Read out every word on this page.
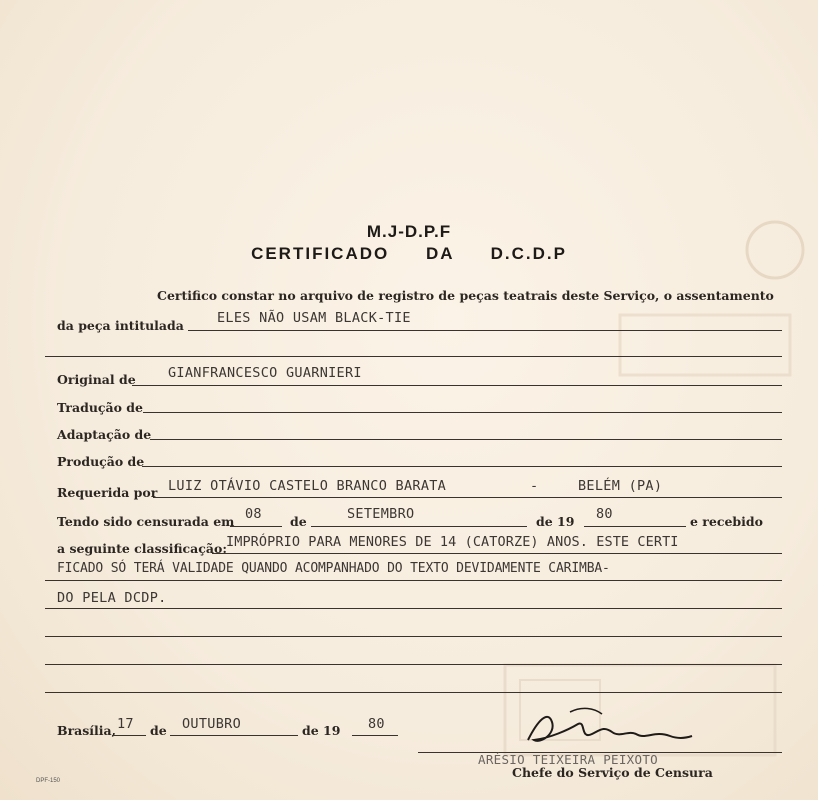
M.J-D.P.F
CERTIFICADO DA D.C.D.P
Certifico constar no arquivo de registro de peças teatrais deste Serviço, o assentamento
da peça intitulada ELES NÃO USAM BLACK-TIE
Original de GIANFRANCESCO GUARNIERI
Tradução de
Adaptação de
Produção de
Requerida por LUIZ OTÁVIO CASTELO BRANCO BARATA	-	BELÉM (PA)
Tendo sido censurada em 08 de	SETEMBRO	de 19 80	e recebido
a seguinte classificação: IMPRÓPRIO PARA MENORES DE 14 (CATORZE) ANOS. ESTE CERTI
FICADO SÓ TERÁ VALIDADE QUANDO ACOMPANHADO DO TEXTO DEVIDAMENTE CARIMBA-
DO PELA DCDP.
Brasília, 17 de OUTUBRO	de 19 80
ARÉSIO TEIXEIRA PEIXOTO
Chefe do Serviço de Censura
DPF-150
